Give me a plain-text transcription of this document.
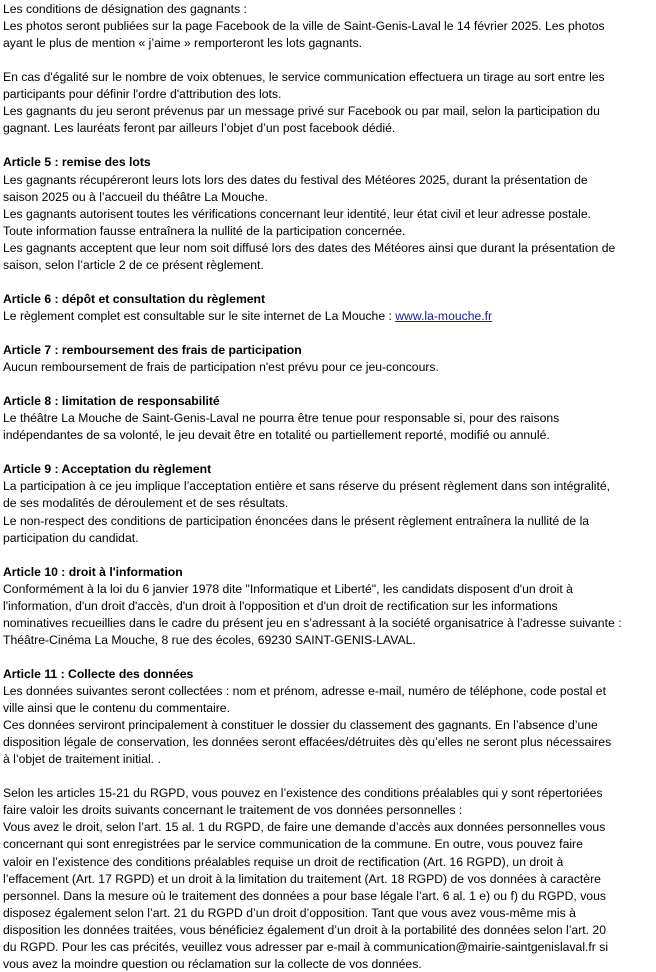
Les conditions de désignation des gagnants :
Les photos seront publiées sur la page Facebook de la ville de Saint-Genis-Laval le 14 février 2025. Les photos
ayant le plus de mention « j’aime » remporteront les lots gagnants.
En cas d'égalité sur le nombre de voix obtenues, le service communication effectuera un tirage au sort entre les
participants pour définir l'ordre d'attribution des lots.
Les gagnants du jeu seront prévenus par un message privé sur Facebook ou par mail, selon la participation du
gagnant. Les lauréats feront par ailleurs l’objet d’un post facebook dédié.
Article 5 : remise des lots
Les gagnants récupéreront leurs lots lors des dates du festival des Météores 2025, durant la présentation de
saison 2025 ou à l’accueil du théâtre La Mouche.
Les gagnants autorisent toutes les vérifications concernant leur identité, leur état civil et leur adresse postale.
Toute information fausse entraînera la nullité de la participation concernée.
Les gagnants acceptent que leur nom soit diffusé lors des dates des Météores ainsi que durant la présentation de
saison, selon l’article 2 de ce présent règlement.
Article 6 : dépôt et consultation du règlement
Le règlement complet est consultable sur le site internet de La Mouche : www.la-mouche.fr
Article 7 : remboursement des frais de participation
Aucun remboursement de frais de participation n'est prévu pour ce jeu-concours.
Article 8 : limitation de responsabilité
Le théâtre La Mouche de Saint-Genis-Laval ne pourra être tenue pour responsable si, pour des raisons
indépendantes de sa volonté, le jeu devait être en totalité ou partiellement reporté, modifié ou annulé.
Article 9 : Acceptation du règlement
La participation à ce jeu implique l’acceptation entière et sans réserve du présent règlement dans son intégralité,
de ses modalités de déroulement et de ses résultats.
Le non-respect des conditions de participation énoncées dans le présent règlement entraînera la nullité de la
participation du candidat.
Article 10 : droit à l'information
Conformément à la loi du 6 janvier 1978 dite "Informatique et Liberté", les candidats disposent d'un droit à
l'information, d'un droit d'accès, d'un droit à l'opposition et d'un droit de rectification sur les informations
nominatives recueillies dans le cadre du présent jeu en s’adressant à la société organisatrice à l’adresse suivante :
Théâtre-Cinéma La Mouche, 8 rue des écoles, 69230 SAINT-GENIS-LAVAL.
Article 11 : Collecte des données
Les données suivantes seront collectées : nom et prénom, adresse e-mail, numéro de téléphone, code postal et
ville ainsi que le contenu du commentaire.
Ces données serviront principalement à constituer le dossier du classement des gagnants. En l’absence d’une
disposition légale de conservation, les données seront effacées/détruites dès qu’elles ne seront plus nécessaires
à l’objet de traitement initial. .
Selon les articles 15-21 du RGPD, vous pouvez en l’existence des conditions préalables qui y sont répertoriées
faire valoir les droits suivants concernant le traitement de vos données personnelles :
Vous avez le droit, selon l’art. 15 al. 1 du RGPD, de faire une demande d’accès aux données personnelles vous
concernant qui sont enregistrées par le service communication de la commune. En outre, vous pouvez faire
valoir en l’existence des conditions préalables requise un droit de rectification (Art. 16 RGPD), un droit à
l’effacement (Art. 17 RGPD) et un droit à la limitation du traitement (Art. 18 RGPD) de vos données à caractère
personnel. Dans la mesure où le traitement des données a pour base légale l’art. 6 al. 1 e) ou f) du RGPD, vous
disposez également selon l’art. 21 du RGPD d’un droit d’opposition. Tant que vous avez vous-même mis à
disposition les données traitées, vous bénéficiez également d’un droit à la portabilité des données selon l’art. 20
du RGPD. Pour les cas précités, veuillez vous adresser par e-mail à communication@mairie-saintgenislaval.fr si
vous avez la moindre question ou réclamation sur la collecte de vos données.
